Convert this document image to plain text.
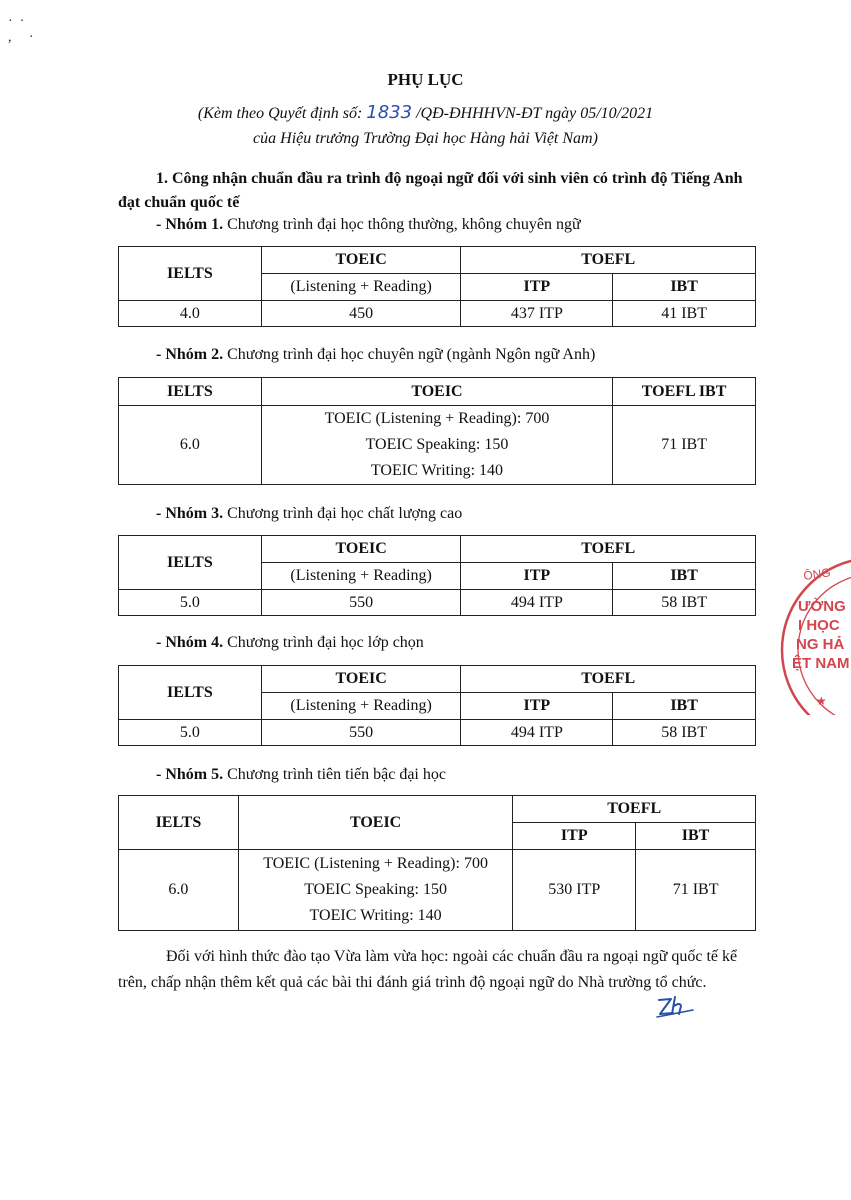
·  ·
,     ·
PHỤ LỤC
(Kèm theo Quyết định số: 1833 /QĐ-ĐHHHVN-ĐT ngày 05/10/2021
của Hiệu trưởng Trường Đại học Hàng hải Việt Nam)
1. Công nhận chuẩn đầu ra trình độ ngoại ngữ đối với sinh viên có trình độ Tiếng Anh đạt chuẩn quốc tế
- Nhóm 1. Chương trình đại học thông thường, không chuyên ngữ
IELTS	TOEIC	TOEFL	
	(Listening + Reading)	ITP	IBT
4.0	450	437 ITP	41 IBT
- Nhóm 2. Chương trình đại học chuyên ngữ (ngành Ngôn ngữ Anh)
IELTS	TOEIC	TOEFL IBT
6.0	TOEIC (Listening + Reading): 700
TOEIC Speaking: 150
TOEIC Writing: 140	71 IBT
- Nhóm 3. Chương trình đại học chất lượng cao
IELTS	TOEIC	TOEFL	
	(Listening + Reading)	ITP	IBT
5.0	550	494 ITP	58 IBT
- Nhóm 4. Chương trình đại học lớp chọn
IELTS	TOEIC	TOEFL	
	(Listening + Reading)	ITP	IBT
5.0	550	494 ITP	58 IBT
- Nhóm 5. Chương trình tiên tiến bậc đại học
IELTS	TOEIC	TOEFL	
		ITP	IBT
6.0	TOEIC (Listening + Reading): 700
TOEIC Speaking: 150
TOEIC Writing: 140	530 ITP	71 IBT
Đối với hình thức đào tạo Vừa làm vừa học: ngoài các chuẩn đầu ra ngoại ngữ quốc tế kể trên, chấp nhận thêm kết quả các bài thi đánh giá trình độ ngoại ngữ do Nhà trường tổ chức.
ÔNG
ƯỜNG
I HỌC
NG HẢ
ỆT NAM
★
